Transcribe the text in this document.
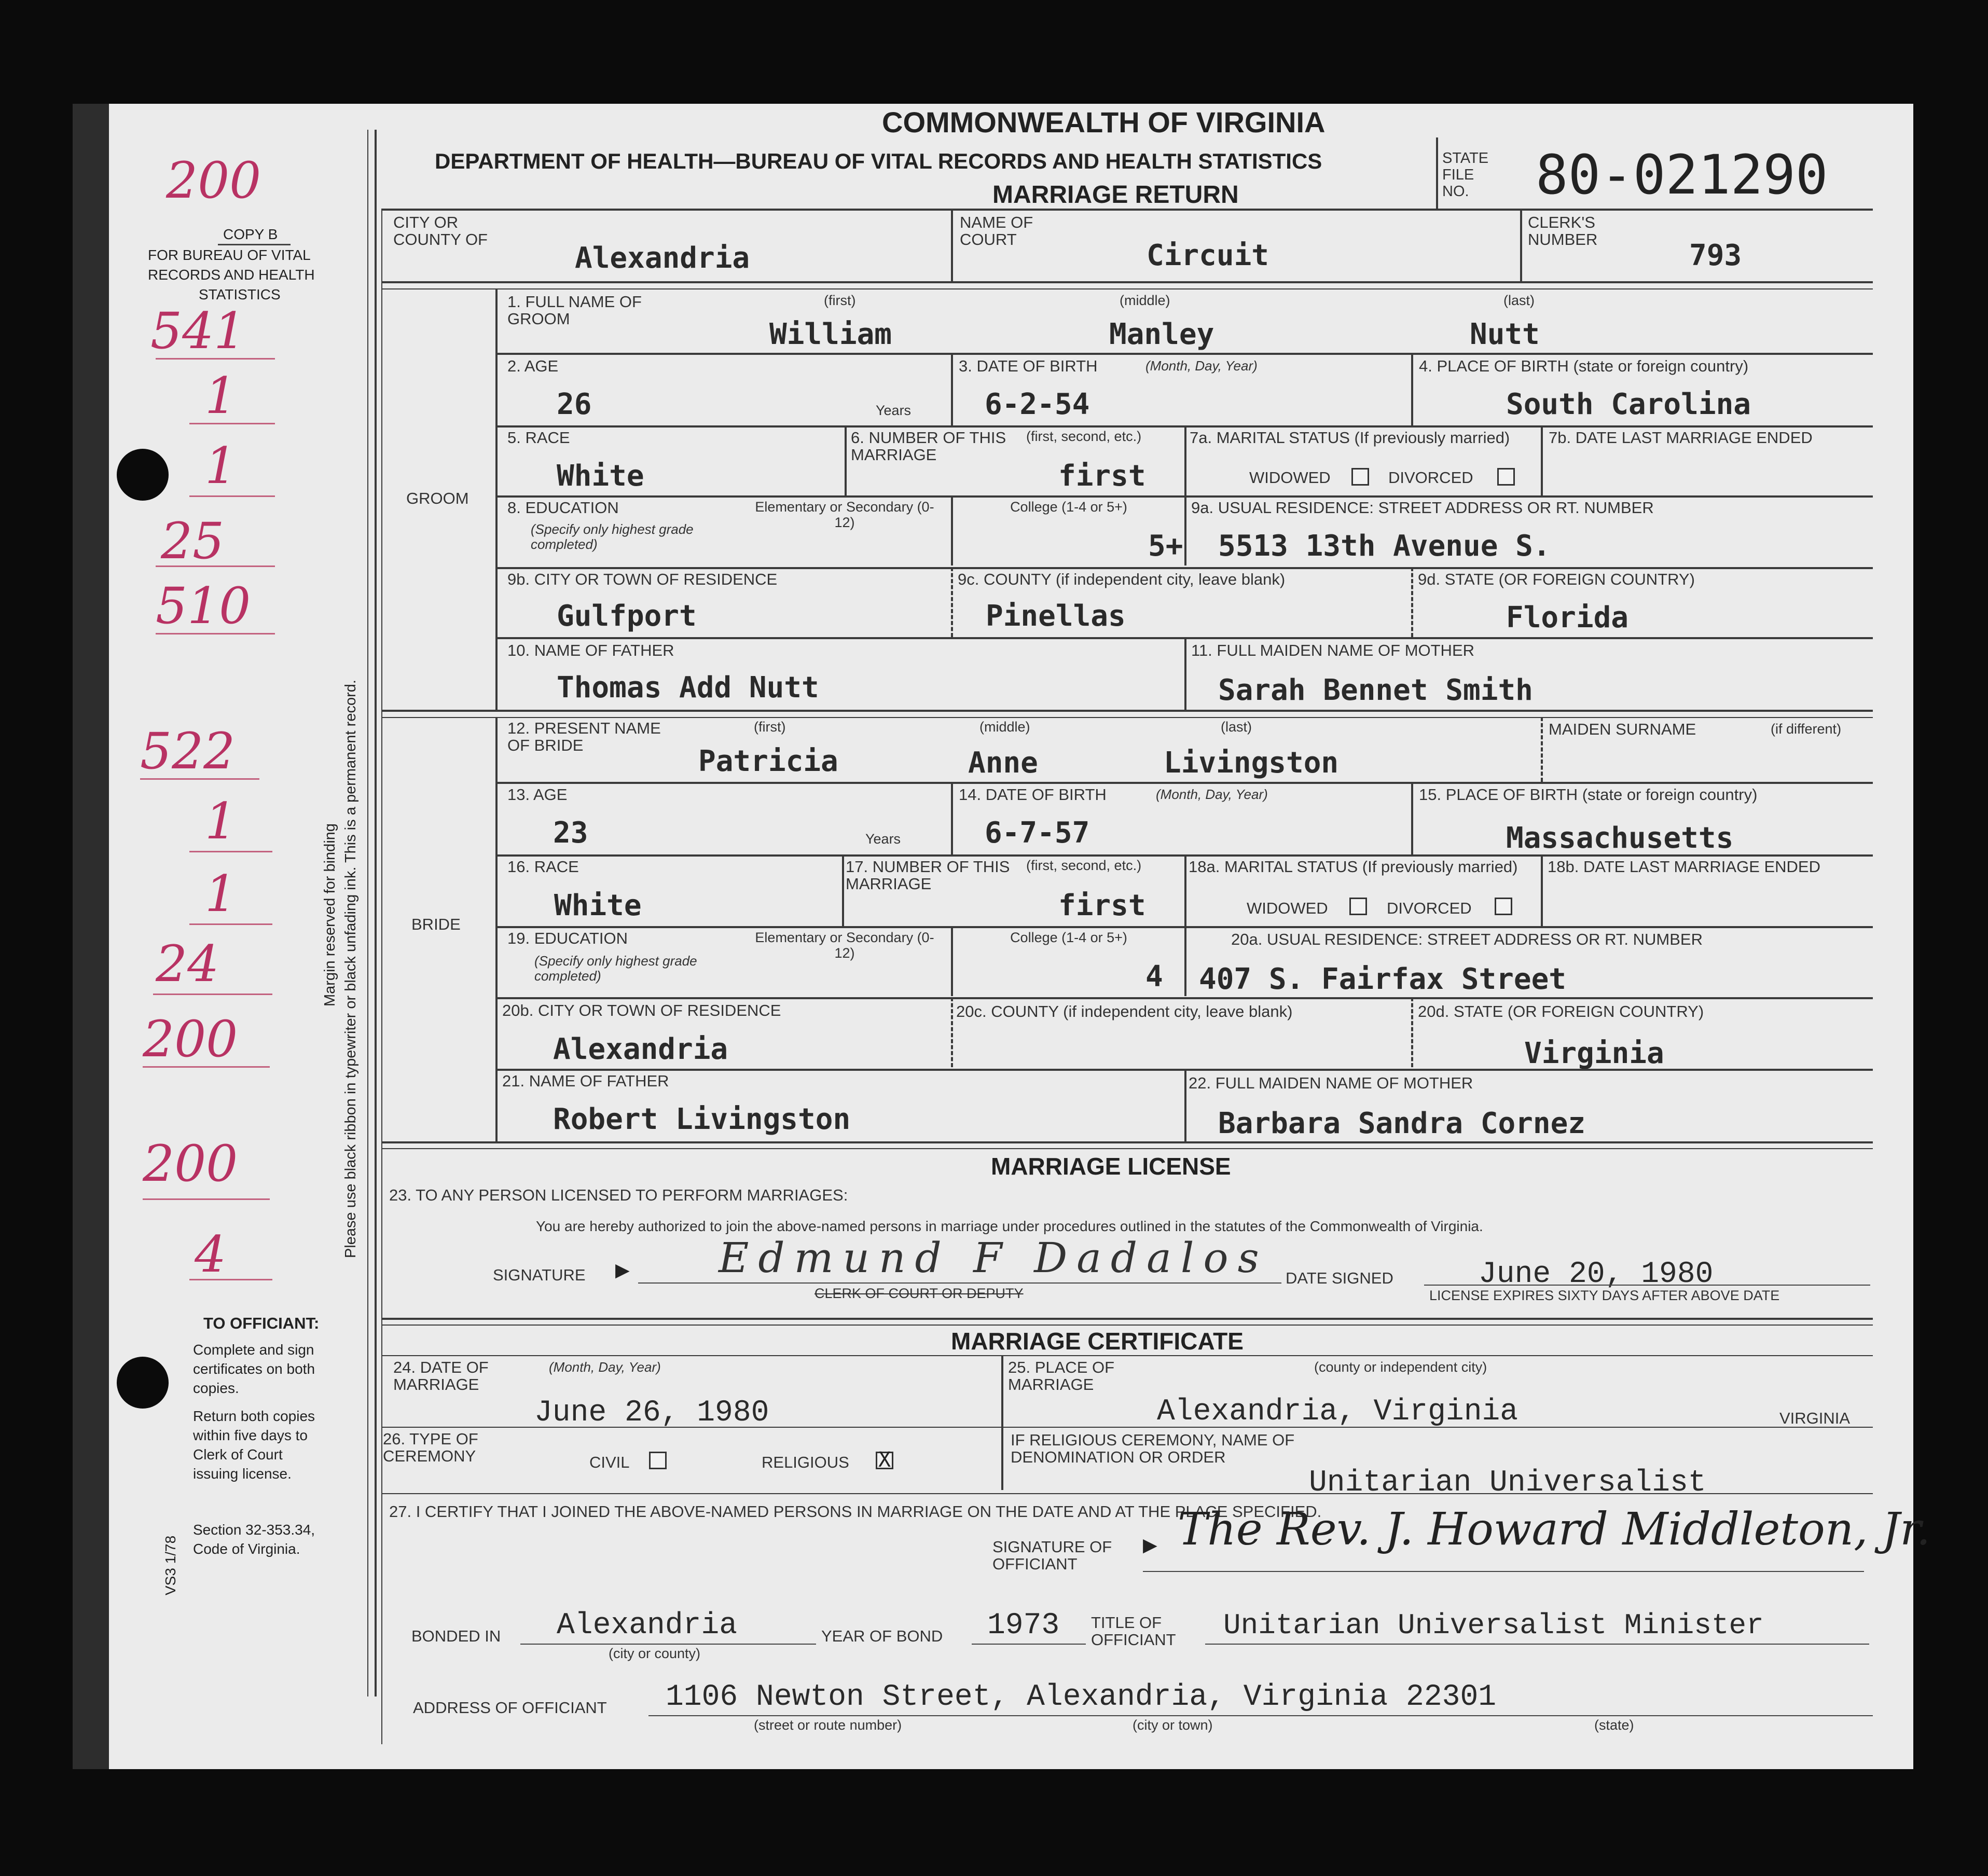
200
COPY B
FOR BUREAU OF VITAL
RECORDS AND HEALTH
STATISTICS
541
1
1
25
510
522
1
1
24
200
200
4
Margin reserved for binding Please use black ribbon in typewriter or black unfading ink. This is a permanent record.
TO OFFICIANT:
Complete and sign
certificates on both
copies.
Return both copies
within five days to
Clerk of Court
issuing license.
Section 32-353.34,
Code of Virginia.
VS3 1/78
COMMONWEALTH OF VIRGINIA
DEPARTMENT OF HEALTH—BUREAU OF VITAL RECORDS AND HEALTH STATISTICS
MARRIAGE RETURN
STATE FILE NO.	80-021290
CITY OR COUNTY OF
Alexandria
NAME OF COURT	Circuit
CLERK'S NUMBER	793
GROOM
1. FULL NAME OF GROOM
(first)	(middle)	(last)
William	Manley	Nutt
2. AGE
26	Years
3. DATE OF BIRTH	(Month, Day, Year)
6-2-54
4. PLACE OF BIRTH (state or foreign country)
South Carolina
5. RACE
White
6. NUMBER OF THIS MARRIAGE
(first, second, etc.)
first
7a. MARITAL STATUS (If previously married)
WIDOWED	DIVORCED
7b. DATE LAST MARRIAGE ENDED
8. EDUCATION
(Specify only highest grade completed)
Elementary or Secondary (0-12)
College (1-4 or 5+)
5+
9a. USUAL RESIDENCE: STREET ADDRESS OR RT. NUMBER
5513 13th Avenue S.
9b. CITY OR TOWN OF RESIDENCE
Gulfport
9c. COUNTY (if independent city, leave blank)
Pinellas
9d. STATE (OR FOREIGN COUNTRY)
Florida
10. NAME OF FATHER
Thomas Add Nutt
11. FULL MAIDEN NAME OF MOTHER
Sarah Bennet Smith
BRIDE
12. PRESENT NAME OF BRIDE
(first)	(middle)	(last)
Patricia	Anne	Livingston
MAIDEN SURNAME	(if different)
13. AGE
23	Years
14. DATE OF BIRTH	(Month, Day, Year)
6-7-57
15. PLACE OF BIRTH (state or foreign country)
Massachusetts
16. RACE
White
17. NUMBER OF THIS MARRIAGE
(first, second, etc.)
first
18a. MARITAL STATUS (If previously married)
WIDOWED	DIVORCED
18b. DATE LAST MARRIAGE ENDED
19. EDUCATION
(Specify only highest grade completed)
Elementary or Secondary (0-12)
College (1-4 or 5+)
4
20a. USUAL RESIDENCE: STREET ADDRESS OR RT. NUMBER
407 S. Fairfax Street
20b. CITY OR TOWN OF RESIDENCE
Alexandria
20c. COUNTY (if independent city, leave blank)	20d. STATE (OR FOREIGN COUNTRY)
Virginia
21. NAME OF FATHER
Robert Livingston
22. FULL MAIDEN NAME OF MOTHER
Barbara Sandra Cornez
MARRIAGE LICENSE
23. TO ANY PERSON LICENSED TO PERFORM MARRIAGES:
You are hereby authorized to join the above-named persons in marriage under procedures outlined in the statutes of the Commonwealth of Virginia.
SIGNATURE ▶ Edmund F Dadalos
CLERK OF COURT OR DEPUTY
DATE SIGNED	June 20, 1980
LICENSE EXPIRES SIXTY DAYS AFTER ABOVE DATE
MARRIAGE CERTIFICATE
24. DATE OF MARRIAGE
(Month, Day, Year)
June 26, 1980
25. PLACE OF MARRIAGE
(county or independent city)
Alexandria, Virginia	VIRGINIA
26. TYPE OF CEREMONY	CIVIL	RELIGIOUS X
IF RELIGIOUS CEREMONY, NAME OF DENOMINATION OR ORDER
Unitarian Universalist
27. I CERTIFY THAT I JOINED THE ABOVE-NAMED PERSONS IN MARRIAGE ON THE DATE AND AT THE PLACE SPECIFIED.
SIGNATURE OF OFFICIANT
▶ The Rev. J. Howard Middleton, Jr.
BONDED IN Alexandria
(city or county)
YEAR OF BOND 1973 TITLE OF OFFICIANT	Unitarian Universalist Minister
ADDRESS OF OFFICIANT 1106 Newton Street, Alexandria, Virginia 22301
(street or route number)	(city or town)	(state)
